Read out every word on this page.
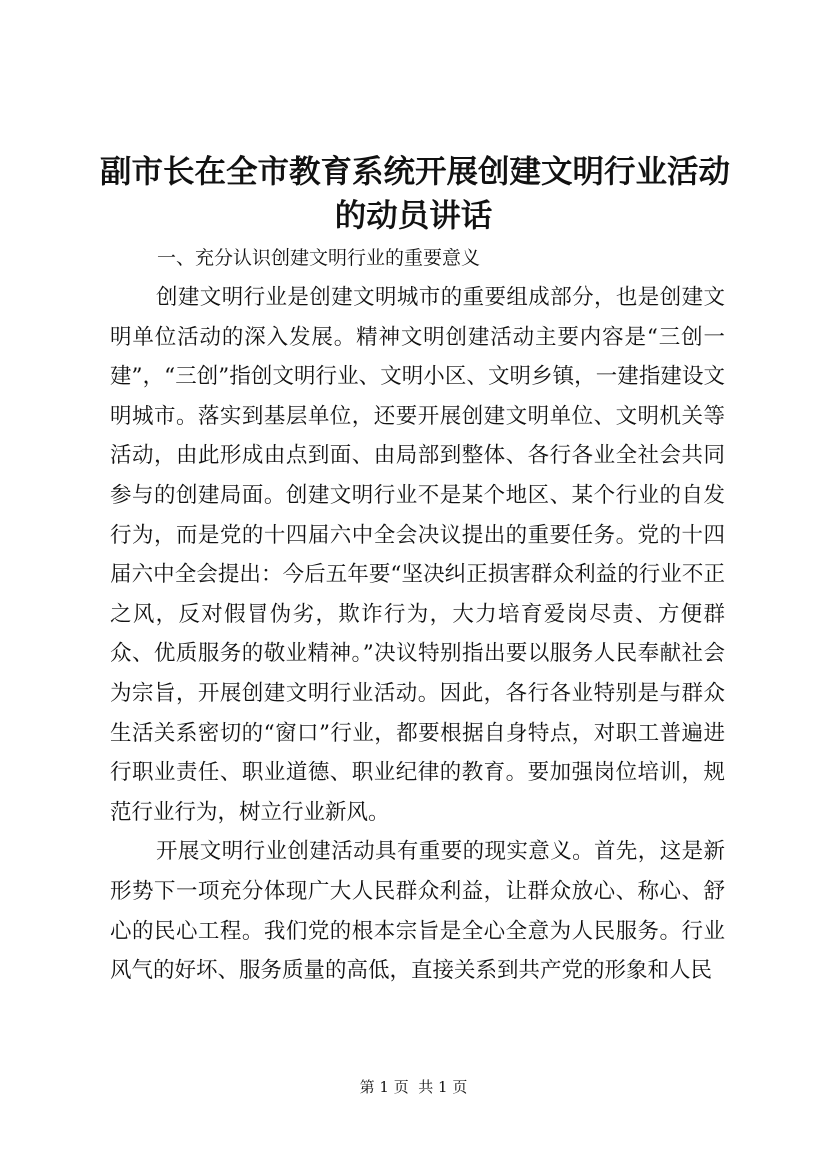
副市长在全市教育系统开展创建文明行业活动
的动员讲话

一、充分认识创建文明行业的重要意义

创建文明行业是创建文明城市的重要组成部分，也是创建文明单位活动的深入发展。精神文明创建活动主要内容是“三创一建”，“三创”指创文明行业、文明小区、文明乡镇，一建指建设文明城市。落实到基层单位，还要开展创建文明单位、文明机关等活动，由此形成由点到面、由局部到整体、各行各业全社会共同参与的创建局面。创建文明行业不是某个地区、某个行业的自发行为，而是党的十四届六中全会决议提出的重要任务。党的十四届六中全会提出：今后五年要“坚决纠正损害群众利益的行业不正之风，反对假冒伪劣，欺诈行为，大力培育爱岗尽责、方便群众、优质服务的敬业精神。”决议特别指出要以服务人民奉献社会为宗旨，开展创建文明行业活动。因此，各行各业特别是与群众生活关系密切的“窗口”行业，都要根据自身特点，对职工普遍进行职业责任、职业道德、职业纪律的教育。要加强岗位培训，规范行业行为，树立行业新风。

开展文明行业创建活动具有重要的现实意义。首先，这是新形势下一项充分体现广大人民群众利益，让群众放心、称心、舒心的民心工程。我们党的根本宗旨是全心全意为人民服务。行业风气的好坏、服务质量的高低，直接关系到共产党的形象和人民

第 1 页  共 1 页
